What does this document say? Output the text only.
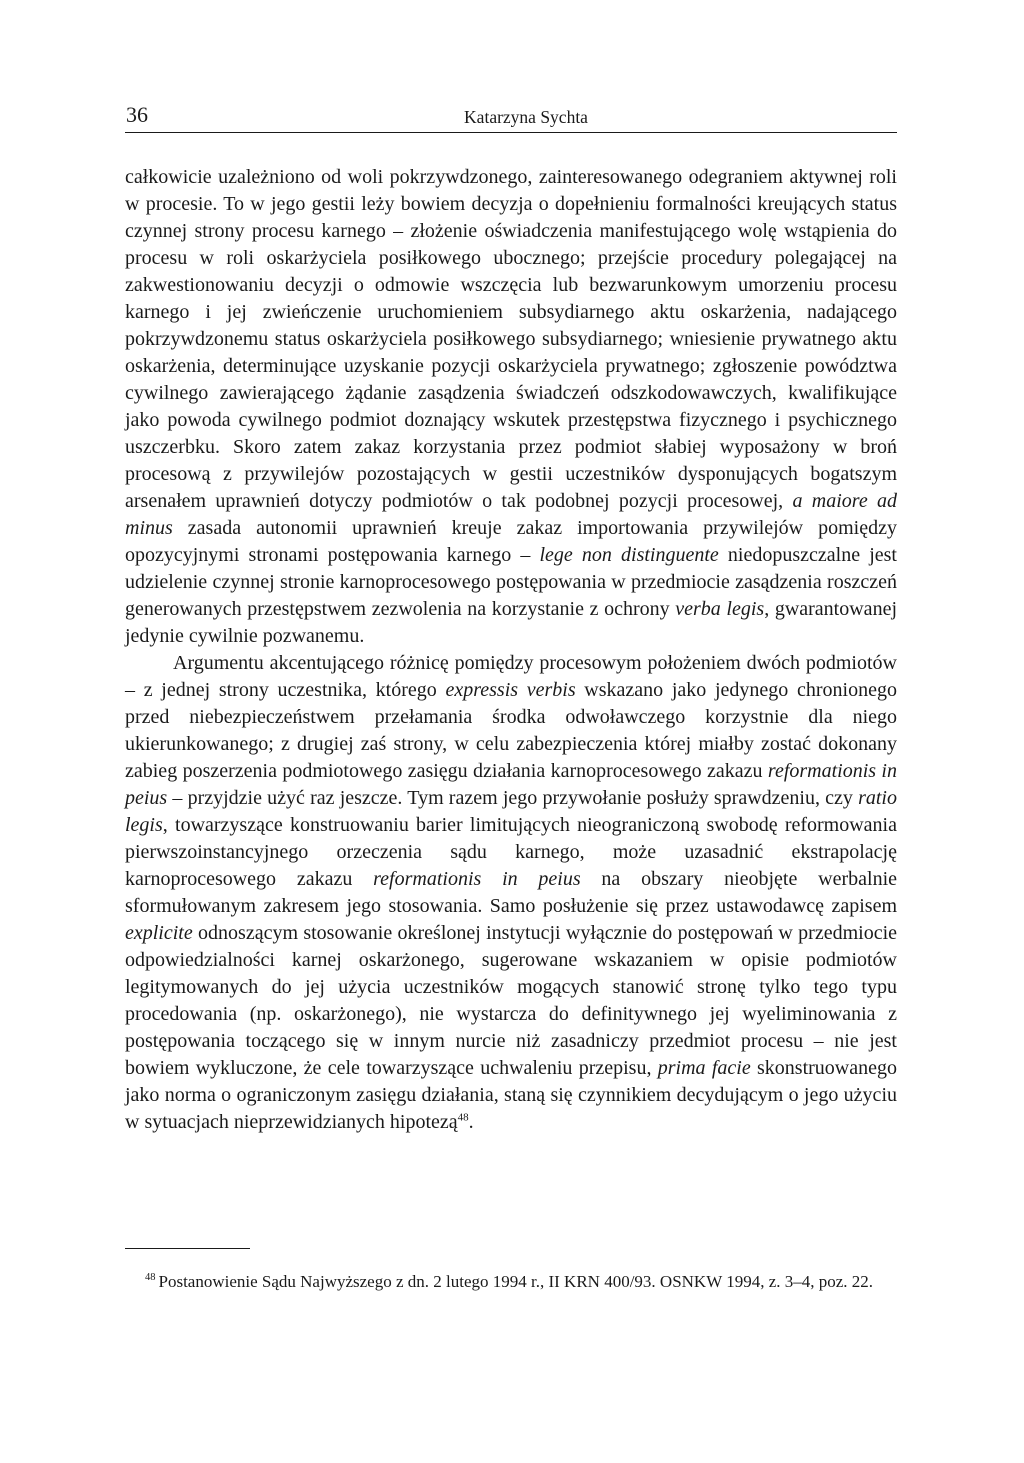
36	Katarzyna Sychta

całkowicie uzależniono od woli pokrzywdzonego, zainteresowanego odegraniem aktywnej roli w procesie. To w jego gestii leży bowiem decyzja o dopełnieniu formalności kreujących status czynnej strony procesu karnego – złożenie oświadczenia manifestującego wolę wstąpienia do procesu w roli oskarżyciela posiłkowego ubocznego; przejście procedury polegającej na zakwestionowaniu decyzji o odmowie wszczęcia lub bezwarunkowym umorzeniu procesu karnego i jej zwieńczenie uruchomieniem subsydiarnego aktu oskarżenia, nadającego pokrzywdzonemu status oskarżyciela posiłkowego subsydiarnego; wniesienie prywatnego aktu oskarżenia, determinujące uzyskanie pozycji oskarżyciela prywatnego; zgłoszenie powództwa cywilnego zawierającego żądanie zasądzenia świadczeń odszkodowawczych, kwalifikujące jako powoda cywilnego podmiot doznający wskutek przestępstwa fizycznego i psychicznego uszczerbku. Skoro zatem zakaz korzystania przez podmiot słabiej wyposażony w broń procesową z przywilejów pozostających w gestii uczestników dysponujących bogatszym arsenałem uprawnień dotyczy podmiotów o tak podobnej pozycji procesowej, a maiore ad minus zasada autonomii uprawnień kreuje zakaz importowania przywilejów pomiędzy opozycyjnymi stronami postępowania karnego – lege non distinguente niedopuszczalne jest udzielenie czynnej stronie karnoprocesowego postępowania w przedmiocie zasądzenia roszczeń generowanych przestępstwem zezwolenia na korzystanie z ochrony verba legis, gwarantowanej jedynie cywilnie pozwanemu.

Argumentu akcentującego różnicę pomiędzy procesowym położeniem dwóch podmiotów – z jednej strony uczestnika, którego expressis verbis wskazano jako jedynego chronionego przed niebezpieczeństwem przełamania środka odwoławczego korzystnie dla niego ukierunkowanego; z drugiej zaś strony, w celu zabezpieczenia której miałby zostać dokonany zabieg poszerzenia podmiotowego zasięgu działania karnoprocesowego zakazu reformationis in peius – przyjdzie użyć raz jeszcze. Tym razem jego przywołanie posłuży sprawdzeniu, czy ratio legis, towarzyszące konstruowaniu barier limitujących nieograniczoną swobodę reformowania pierwszoinstancyjnego orzeczenia sądu karnego, może uzasadnić ekstrapolację karnoprocesowego zakazu reformationis in peius na obszary nieobjęte werbalnie sformułowanym zakresem jego stosowania. Samo posłużenie się przez ustawodawcę zapisem explicite odnoszącym stosowanie określonej instytucji wyłącznie do postępowań w przedmiocie odpowiedzialności karnej oskarżonego, sugerowane wskazaniem w opisie podmiotów legitymowanych do jej użycia uczestników mogących stanowić stronę tylko tego typu procedowania (np. oskarżonego), nie wystarcza do definitywnego jej wyeliminowania z postępowania toczącego się w innym nurcie niż zasadniczy przedmiot procesu – nie jest bowiem wykluczone, że cele towarzyszące uchwaleniu przepisu, prima facie skonstruowanego jako norma o ograniczonym zasięgu działania, staną się czynnikiem decydującym o jego użyciu w sytuacjach nieprzewidzianych hipotezą$^{48}$.

$^{48}$ Postanowienie Sądu Najwyższego z dn. 2 lutego 1994 r., II KRN 400/93. OSNKW 1994, z. 3–4, poz. 22.
